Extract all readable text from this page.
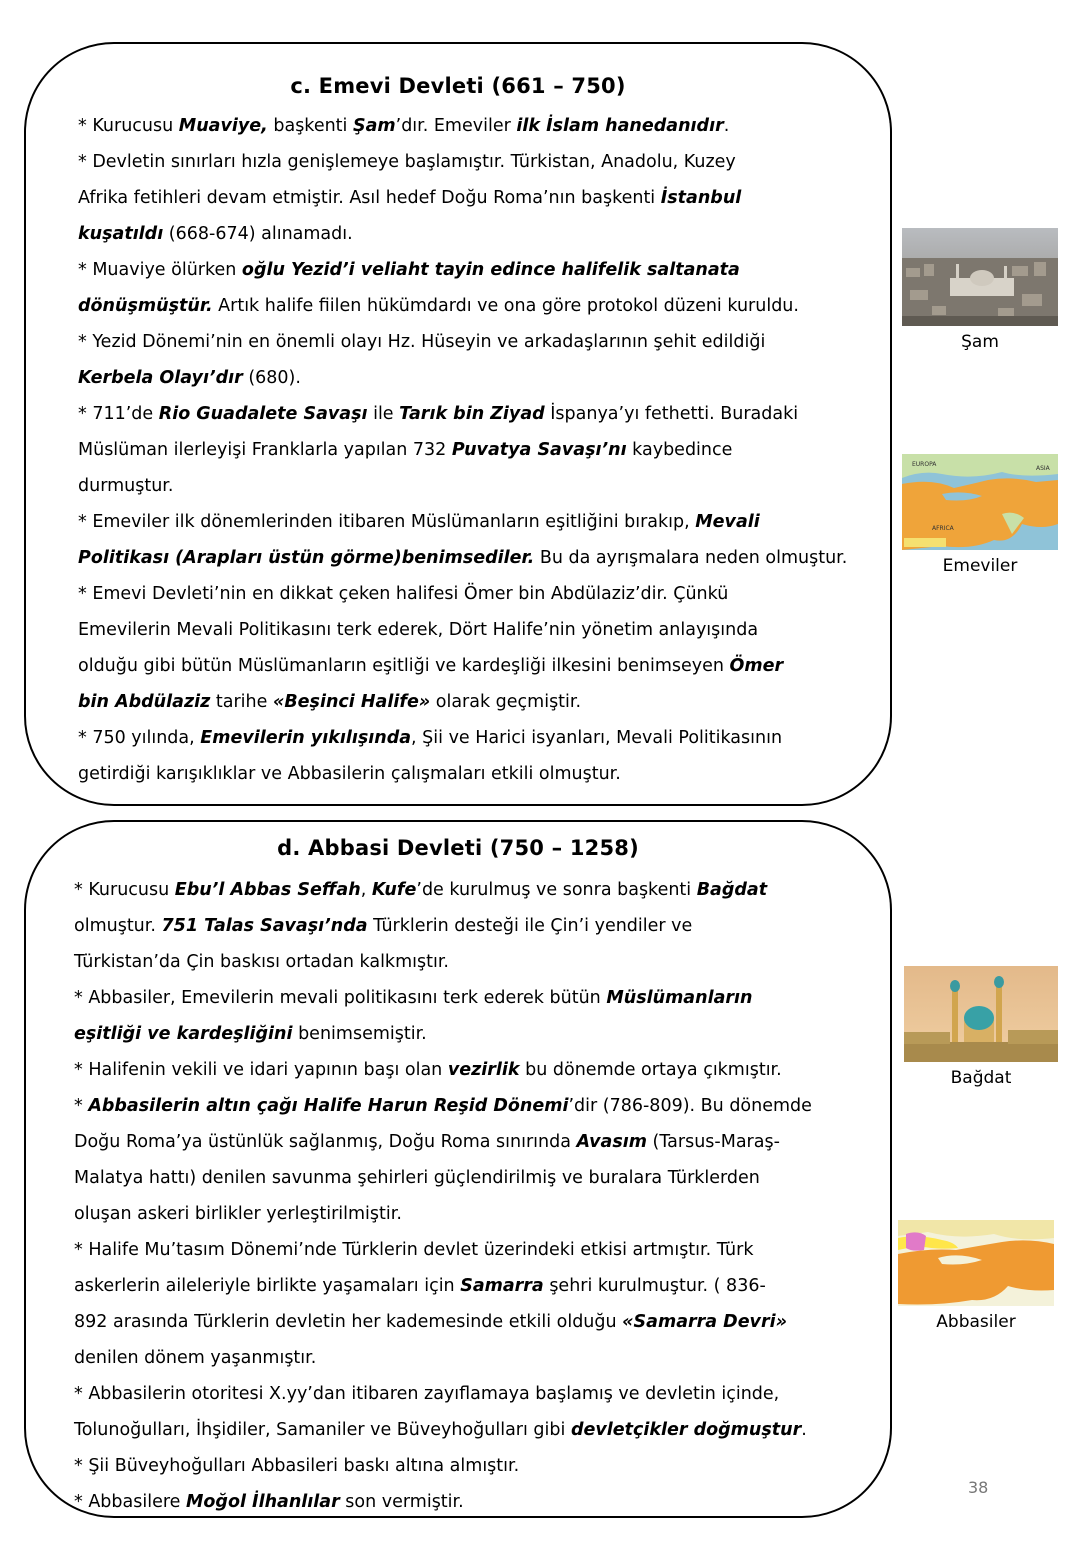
c. Emevi Devleti (661 – 750)
* Kurucusu Muaviye, başkenti Şam’dır. Emeviler ilk İslam hanedanıdır.
* Devletin sınırları hızla genişlemeye başlamıştır. Türkistan, Anadolu, Kuzey
Afrika fetihleri devam etmiştir. Asıl hedef Doğu Roma’nın başkenti İstanbul
kuşatıldı (668-674) alınamadı.
* Muaviye ölürken oğlu Yezid’i veliaht tayin edince halifelik saltanata
dönüşmüştür. Artık halife fiilen hükümdardı ve ona göre protokol düzeni kuruldu.
* Yezid Dönemi’nin en önemli olayı Hz. Hüseyin ve arkadaşlarının şehit edildiği
Kerbela Olayı’dır (680).
* 711’de Rio Guadalete Savaşı ile Tarık bin Ziyad İspanya’yı fethetti. Buradaki
Müslüman ilerleyişi Franklarla yapılan 732 Puvatya Savaşı’nı kaybedince
durmuştur.
* Emeviler ilk dönemlerinden itibaren Müslümanların eşitliğini bırakıp, Mevali
Politikası (Arapları üstün görme)benimsediler. Bu da ayrışmalara neden olmuştur.
* Emevi Devleti’nin en dikkat çeken halifesi Ömer bin Abdülaziz’dir. Çünkü
Emevilerin Mevali Politikasını terk ederek, Dört Halife’nin yönetim anlayışında
olduğu gibi bütün Müslümanların eşitliği ve kardeşliği ilkesini benimseyen Ömer
bin Abdülaziz tarihe «Beşinci Halife» olarak geçmiştir.
* 750 yılında, Emevilerin yıkılışında, Şii ve Harici isyanları, Mevali Politikasının
getirdiği karışıklıklar ve Abbasilerin çalışmaları etkili olmuştur.
d. Abbasi Devleti (750 – 1258)
* Kurucusu Ebu’l Abbas Seffah, Kufe’de kurulmuş ve sonra başkenti Bağdat
olmuştur. 751 Talas Savaşı’nda Türklerin desteği ile Çin’i yendiler ve
Türkistan’da Çin baskısı ortadan kalkmıştır.
* Abbasiler, Emevilerin mevali politikasını terk ederek bütün Müslümanların
eşitliği ve kardeşliğini benimsemiştir.
* Halifenin vekili ve idari yapının başı olan vezirlik bu dönemde ortaya çıkmıştır.
* Abbasilerin altın çağı Halife Harun Reşid Dönemi’dir (786-809). Bu dönemde
Doğu Roma’ya üstünlük sağlanmış, Doğu Roma sınırında Avasım (Tarsus-Maraş-
Malatya hattı) denilen savunma şehirleri güçlendirilmiş ve buralara Türklerden
oluşan askeri birlikler yerleştirilmiştir.
* Halife Mu’tasım Dönemi’nde Türklerin devlet üzerindeki etkisi artmıştır. Türk
askerlerin aileleriyle birlikte yaşamaları için Samarra şehri kurulmuştur. ( 836-
892 arasında Türklerin devletin her kademesinde etkili olduğu «Samarra Devri»
denilen dönem yaşanmıştır.
* Abbasilerin otoritesi X.yy’dan itibaren zayıflamaya başlamış ve devletin içinde,
Tolunoğulları, İhşidiler, Samaniler ve Büveyhoğulları gibi devletçikler doğmuştur.
* Şii Büveyhoğulları Abbasileri baskı altına almıştır.
* Abbasilere Moğol İlhanlılar son vermiştir.
Şam
EUROPA
ASIA
AFRICA
Emeviler
Bağdat
Abbasiler
38
